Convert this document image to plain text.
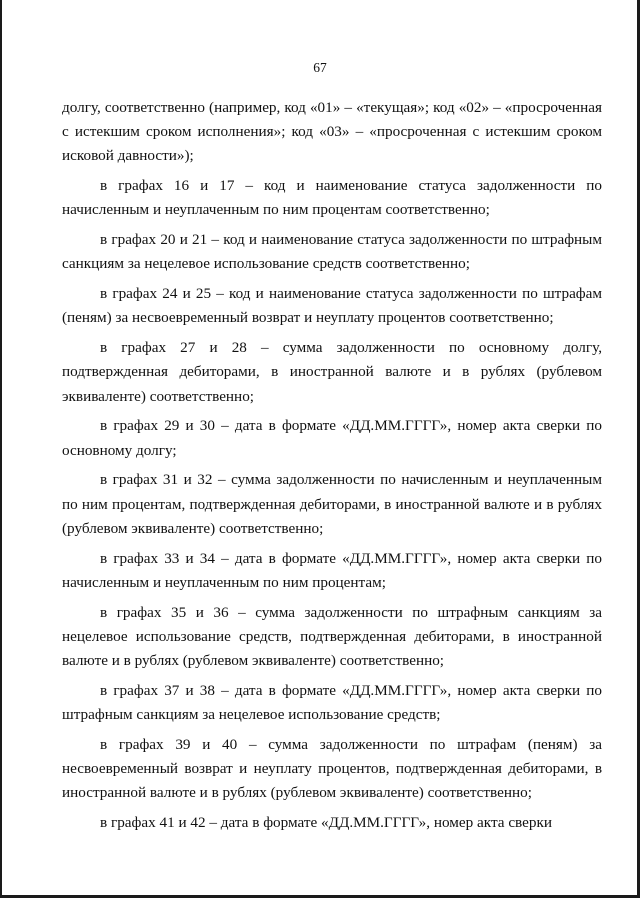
67

долгу, соответственно (например, код «01» – «текущая»; код «02» – «просроченная с истекшим сроком исполнения»; код «03» – «просроченная с истекшим сроком исковой давности»);

в графах 16 и 17 – код и наименование статуса задолженности по начисленным и неуплаченным по ним процентам соответственно;

в графах 20 и 21 – код и наименование статуса задолженности по штрафным санкциям за нецелевое использование средств соответственно;

в графах 24 и 25 – код и наименование статуса задолженности по штрафам (пеням) за несвоевременный возврат и неуплату процентов соответственно;

в графах 27 и 28 – сумма задолженности по основному долгу, подтвержденная дебиторами, в иностранной валюте и в рублях (рублевом эквиваленте) соответственно;

в графах 29 и 30 – дата в формате «ДД.ММ.ГГГГ», номер акта сверки по основному долгу;

в графах 31 и 32 – сумма задолженности по начисленным и неуплаченным по ним процентам, подтвержденная дебиторами, в иностранной валюте и в рублях (рублевом эквиваленте) соответственно;

в графах 33 и 34 – дата в формате «ДД.ММ.ГГГГ», номер акта сверки по начисленным и неуплаченным по ним процентам;

в графах 35 и 36 – сумма задолженности по штрафным санкциям за нецелевое использование средств, подтвержденная дебиторами, в иностранной валюте и в рублях (рублевом эквиваленте) соответственно;

в графах 37 и 38 – дата в формате «ДД.ММ.ГГГГ», номер акта сверки по штрафным санкциям за нецелевое использование средств;

в графах 39 и 40 – сумма задолженности по штрафам (пеням) за несвоевременный возврат и неуплату процентов, подтвержденная дебиторами, в иностранной валюте и в рублях (рублевом эквиваленте) соответственно;

в графах 41 и 42 – дата в формате «ДД.ММ.ГГГГ», номер акта сверки
